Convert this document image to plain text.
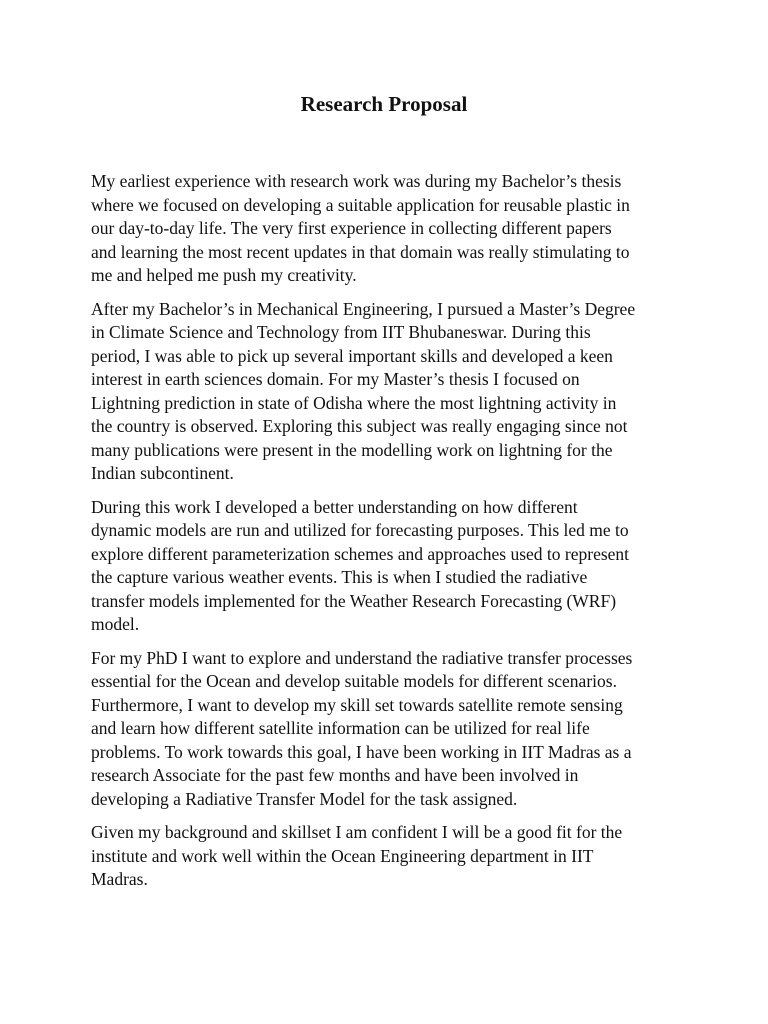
Research Proposal

My earliest experience with research work was during my Bachelor’s thesis
where we focused on developing a suitable application for reusable plastic in
our day-to-day life. The very first experience in collecting different papers
and learning the most recent updates in that domain was really stimulating to
me and helped me push my creativity.

After my Bachelor’s in Mechanical Engineering, I pursued a Master’s Degree
in Climate Science and Technology from IIT Bhubaneswar. During this
period, I was able to pick up several important skills and developed a keen
interest in earth sciences domain. For my Master’s thesis I focused on
Lightning prediction in state of Odisha where the most lightning activity in
the country is observed. Exploring this subject was really engaging since not
many publications were present in the modelling work on lightning for the
Indian subcontinent.

During this work I developed a better understanding on how different
dynamic models are run and utilized for forecasting purposes. This led me to
explore different parameterization schemes and approaches used to represent
the capture various weather events. This is when I studied the radiative
transfer models implemented for the Weather Research Forecasting (WRF)
model.

For my PhD I want to explore and understand the radiative transfer processes
essential for the Ocean and develop suitable models for different scenarios.
Furthermore, I want to develop my skill set towards satellite remote sensing
and learn how different satellite information can be utilized for real life
problems. To work towards this goal, I have been working in IIT Madras as a
research Associate for the past few months and have been involved in
developing a Radiative Transfer Model for the task assigned.

Given my background and skillset I am confident I will be a good fit for the
institute and work well within the Ocean Engineering department in IIT
Madras.
